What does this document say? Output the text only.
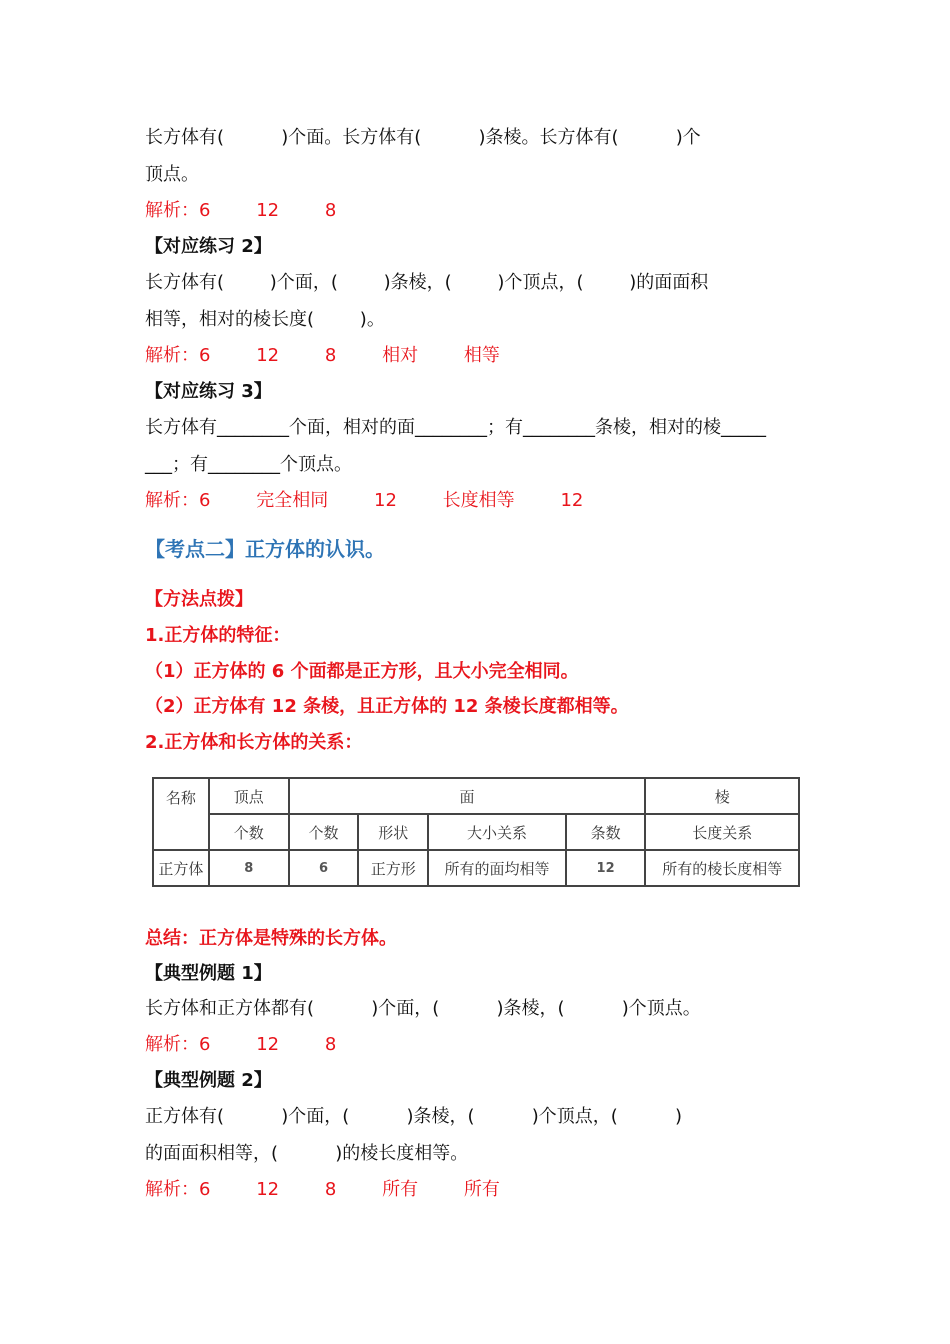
长方体有(          )个面。长方体有(          )条棱。长方体有(          )个
顶点。
解析：6        12        8
【对应练习 2】
长方体有(        )个面，(        )条棱，(        )个顶点，(        )的面面积
相等，相对的棱长度(        )。
解析：6        12        8        相对        相等
【对应练习 3】
长方体有________个面，相对的面________；有________条棱，相对的棱_____
___；有________个顶点。
解析：6        完全相同        12        长度相等        12
【考点二】正方体的认识。
【方法点拨】
1.正方体的特征：
（1）正方体的 6 个面都是正方形，且大小完全相同。
（2）正方体有 12 条棱，且正方体的 12 条棱长度都相等。
2.正方体和长方体的关系：
名称	顶点	面				棱
	个数	个数	形状	大小关系	条数	长度关系
正方体	8	6	正方形	所有的面均相等	12	所有的棱长度相等
总结：正方体是特殊的长方体。
【典型例题 1】
长方体和正方体都有(          )个面，(          )条棱，(          )个顶点。
解析：6        12        8
【典型例题 2】
正方体有(          )个面，(          )条棱，(          )个顶点，(          )
的面面积相等，(          )的棱长度相等。
解析：6        12        8        所有        所有
